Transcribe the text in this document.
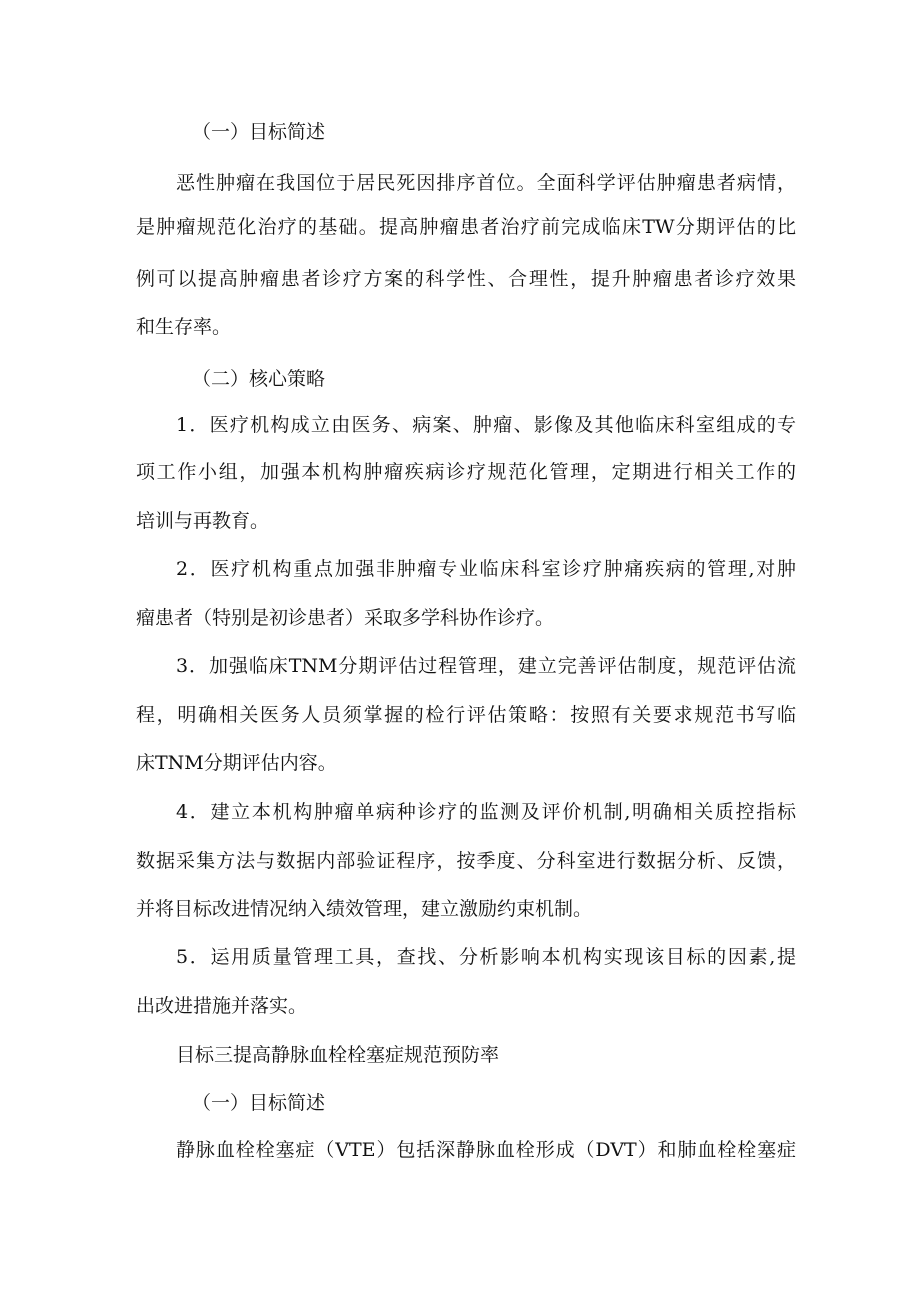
（一）目标简述
恶性肿瘤在我国位于居民死因排序首位。全面科学评估肿瘤患者病情，
是肿瘤规范化治疗的基础。提高肿瘤患者治疗前完成临床TW分期评估的比
例可以提高肿瘤患者诊疗方案的科学性、合理性，提升肿瘤患者诊疗效果
和生存率。
（二）核心策略
1．医疗机构成立由医务、病案、肿瘤、影像及其他临床科室组成的专
项工作小组，加强本机构肿瘤疾病诊疗规范化管理，定期进行相关工作的
培训与再教育。
2．医疗机构重点加强非肿瘤专业临床科室诊疗肿痛疾病的管理,对肿
瘤患者（特别是初诊患者）采取多学科协作诊疗。
3．加强临床TNM分期评估过程管理，建立完善评估制度，规范评估流
程，明确相关医务人员须掌握的检行评估策略：按照有关要求规范书写临
床TNM分期评估内容。
4．建立本机构肿瘤单病种诊疗的监测及评价机制,明确相关质控指标
数据采集方法与数据内部验证程序，按季度、分科室进行数据分析、反馈，
并将目标改进情况纳入绩效管理，建立激励约束机制。
5．运用质量管理工具，查找、分析影响本机构实现该目标的因素,提
出改进措施并落实。
目标三提高静脉血栓栓塞症规范预防率
（一）目标简述
静脉血栓栓塞症（VTE）包括深静脉血栓形成（DVT）和肺血栓栓塞症
